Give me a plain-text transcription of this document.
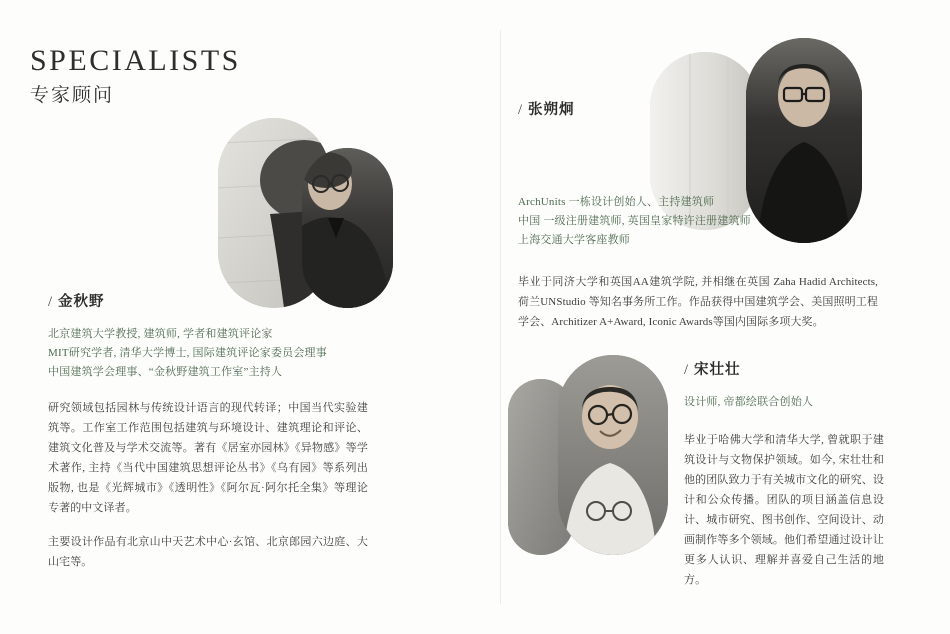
SPECIALISTS
专家顾问
/ 金秋野
北京建筑大学教授, 建筑师, 学者和建筑评论家
MIT研究学者, 清华大学博士, 国际建筑评论家委员会理事
中国建筑学会理事、“金秋野建筑工作室”主持人

研究领域包括园林与传统设计语言的现代转译；中国当代实验建筑等。工作室工作范围包括建筑与环境设计、建筑理论和评论、建筑文化普及与学术交流等。著有《居室亦园林》《异物感》等学术著作, 主持《当代中国建筑思想评论丛书》《乌有园》等系列出版物, 也是《光辉城市》《透明性》《阿尔瓦·阿尔托全集》等理论专著的中文译者。

主要设计作品有北京山中天艺术中心·玄馆、北京郎园六边庭、大山宅等。

/ 张朔炯
ArchUnits 一栋设计创始人、主持建筑师
中国 一级注册建筑师, 英国皇家特许注册建筑师
上海交通大学客座教师

毕业于同济大学和英国AA建筑学院, 并相继在英国 Zaha Hadid Architects, 荷兰UNStudio 等知名事务所工作。作品获得中国建筑学会、美国照明工程学会、Architizer A+Award, Iconic Awards等国内国际多项大奖。

/ 宋壮壮
设计师, 帝都绘联合创始人

毕业于哈佛大学和清华大学, 曾就职于建筑设计与文物保护领域。如今, 宋壮壮和他的团队致力于有关城市文化的研究、设计和公众传播。团队的项目涵盖信息设计、城市研究、图书创作、空间设计、动画制作等多个领域。他们希望通过设计让更多人认识、理解并喜爱自己生活的地方。
